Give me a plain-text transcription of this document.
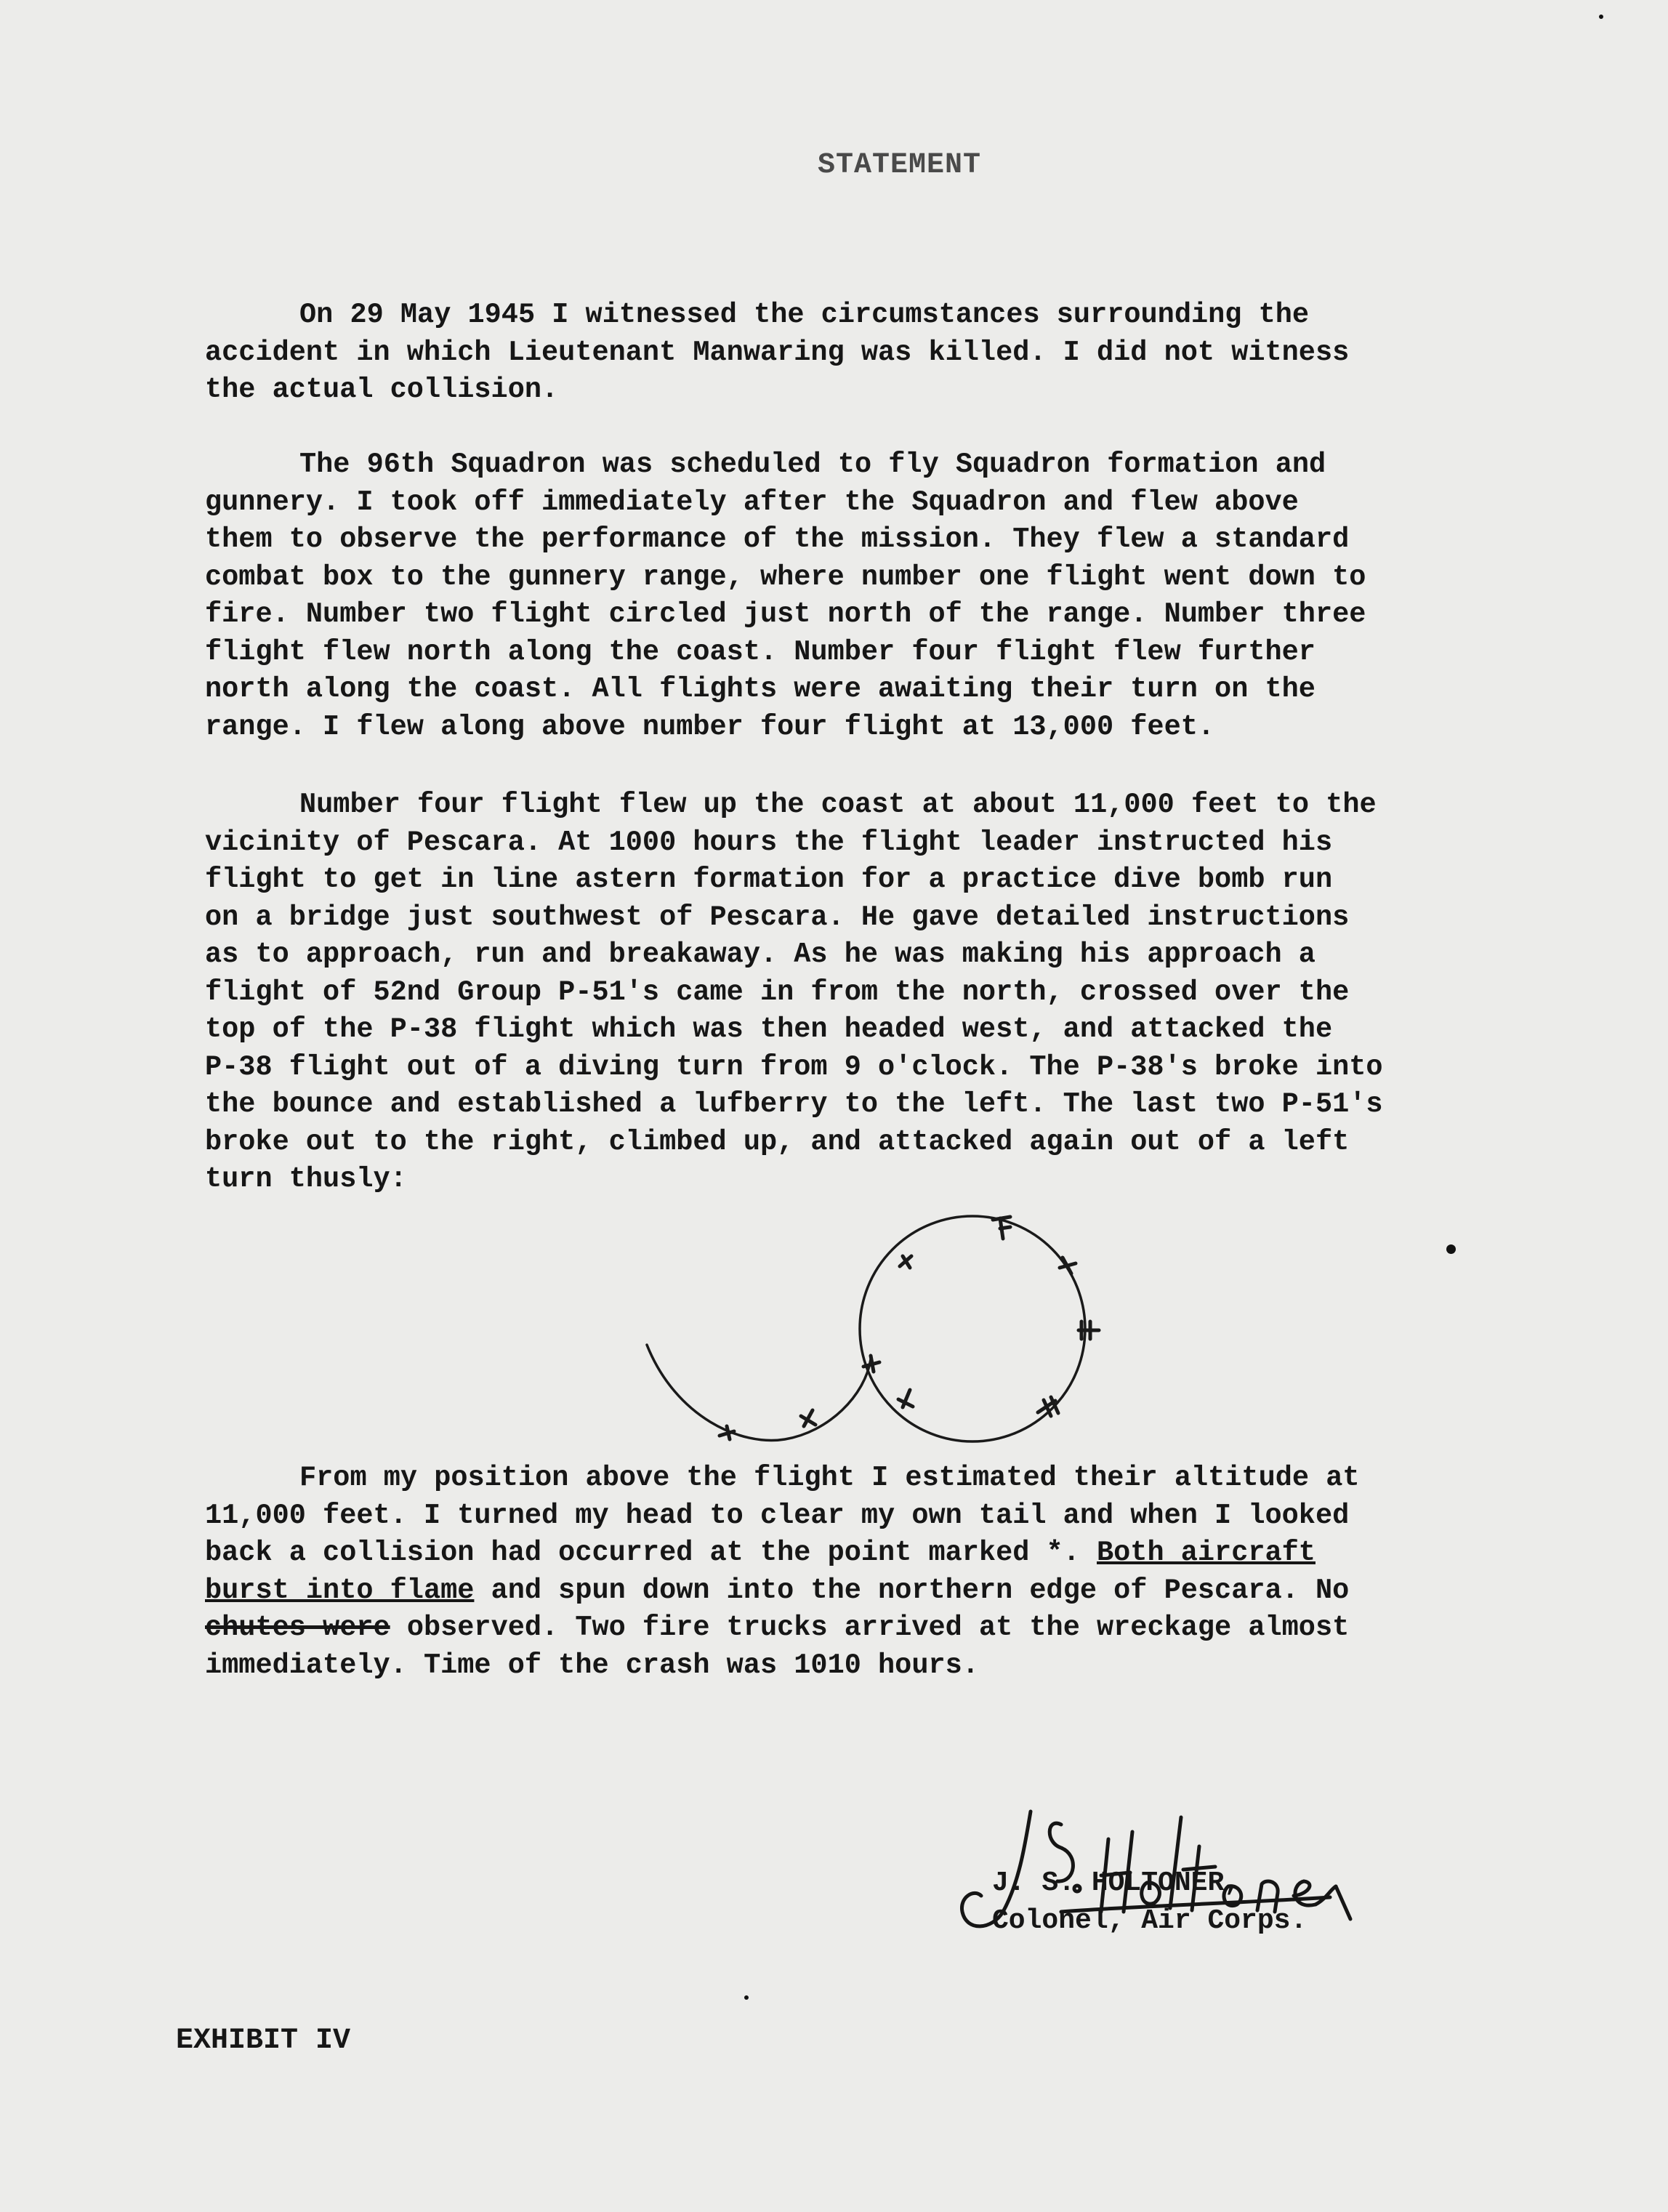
STATEMENT
On 29 May 1945 I witnessed the circumstances surrounding the
accident in which Lieutenant Manwaring was killed. I did not witness
the actual collision.
The 96th Squadron was scheduled to fly Squadron formation and
gunnery. I took off immediately after the Squadron and flew above
them to observe the performance of the mission. They flew a standard
combat box to the gunnery range, where number one flight went down to
fire. Number two flight circled just north of the range. Number three
flight flew north along the coast. Number four flight flew further
north along the coast. All flights were awaiting their turn on the
range. I flew along above number four flight at 13,000 feet.
Number four flight flew up the coast at about 11,000 feet to the
vicinity of Pescara. At 1000 hours the flight leader instructed his
flight to get in line astern formation for a practice dive bomb run
on a bridge just southwest of Pescara. He gave detailed instructions
as to approach, run and breakaway. As he was making his approach a
flight of 52nd Group P-51's came in from the north, crossed over the
top of the P-38 flight which was then headed west, and attacked the
P-38 flight out of a diving turn from 9 o'clock. The P-38's broke into
the bounce and established a lufberry to the left. The last two P-51's
broke out to the right, climbed up, and attacked again out of a left
turn thusly:
From my position above the flight I estimated their altitude at
11,000 feet. I turned my head to clear my own tail and when I looked
back a collision had occurred at the point marked *. Both aircraft
burst into flame and spun down into the northern edge of Pescara. No
chutes were observed. Two fire trucks arrived at the wreckage almost
immediately. Time of the crash was 1010 hours.
J. S. HOLTONER,
Colonel, Air Corps.
EXHIBIT IV
